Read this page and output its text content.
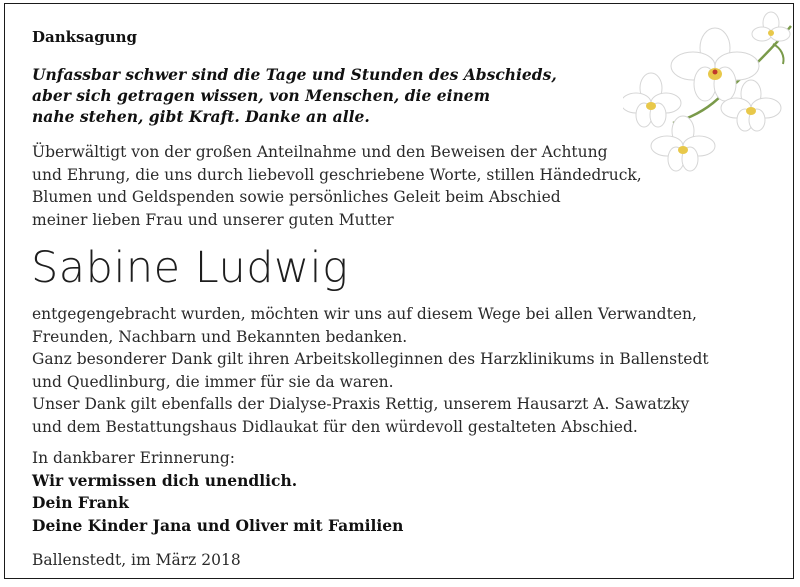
Danksagung
Unfassbar schwer sind die Tage und Stunden des Abschieds,
aber sich getragen wissen, von Menschen, die einem
nahe stehen, gibt Kraft. Danke an alle.
Überwältigt von der großen Anteilnahme und den Beweisen der Achtung
und Ehrung, die uns durch liebevoll geschriebene Worte, stillen Händedruck,
Blumen und Geldspenden sowie persönliches Geleit beim Abschied
meiner lieben Frau und unserer guten Mutter
Sabine Ludwig
entgegengebracht wurden, möchten wir uns auf diesem Wege bei allen Verwandten,
Freunden, Nachbarn und Bekannten bedanken.
Ganz besonderer Dank gilt ihren Arbeitskolleginnen des Harzklinikums in Ballenstedt
und Quedlinburg, die immer für sie da waren.
Unser Dank gilt ebenfalls der Dialyse-Praxis Rettig, unserem Hausarzt A. Sawatzky
und dem Bestattungshaus Didlaukat für den würdevoll gestalteten Abschied.
In dankbarer Erinnerung:
Wir vermissen dich unendlich.
Dein Frank
Deine Kinder Jana und Oliver mit Familien
Ballenstedt, im März 2018
